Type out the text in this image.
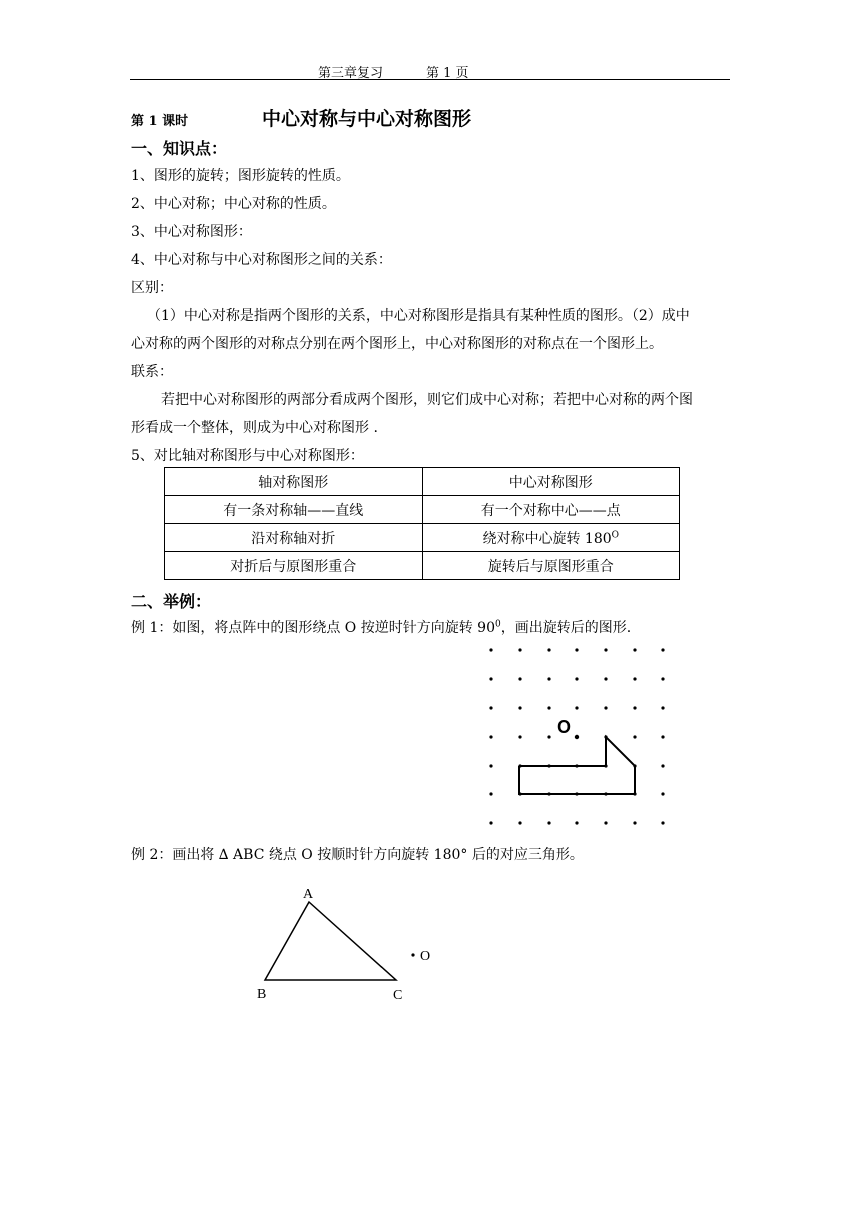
第三章复习	第 1 页
第 1 课时	中心对称与中心对称图形
一、知识点：
1、图形的旋转；图形旋转的性质。
2、中心对称；中心对称的性质。
3、中心对称图形：
4、中心对称与中心对称图形之间的关系：
区别：
（1）中心对称是指两个图形的关系，中心对称图形是指具有某种性质的图形。（2）成中
心对称的两个图形的对称点分别在两个图形上，中心对称图形的对称点在一个图形上。
联系：
若把中心对称图形的两部分看成两个图形，则它们成中心对称；若把中心对称的两个图
形看成一个整体，则成为中心对称图形 .
5、对比轴对称图形与中心对称图形：
轴对称图形	中心对称图形
有一条对称轴——直线	有一个对称中心——点
沿对称轴对折	绕对称中心旋转 $180^O$
对折后与原图形重合	旋转后与原图形重合
二、举例：
例 1：如图，将点阵中的图形绕点 O 按逆时针方向旋转 $90^0$，画出旋转后的图形.
O
例 2：画出将 ∆ ABC 绕点 O 按顺时针方向旋转 180° 后的对应三角形。
A
B	C
O
